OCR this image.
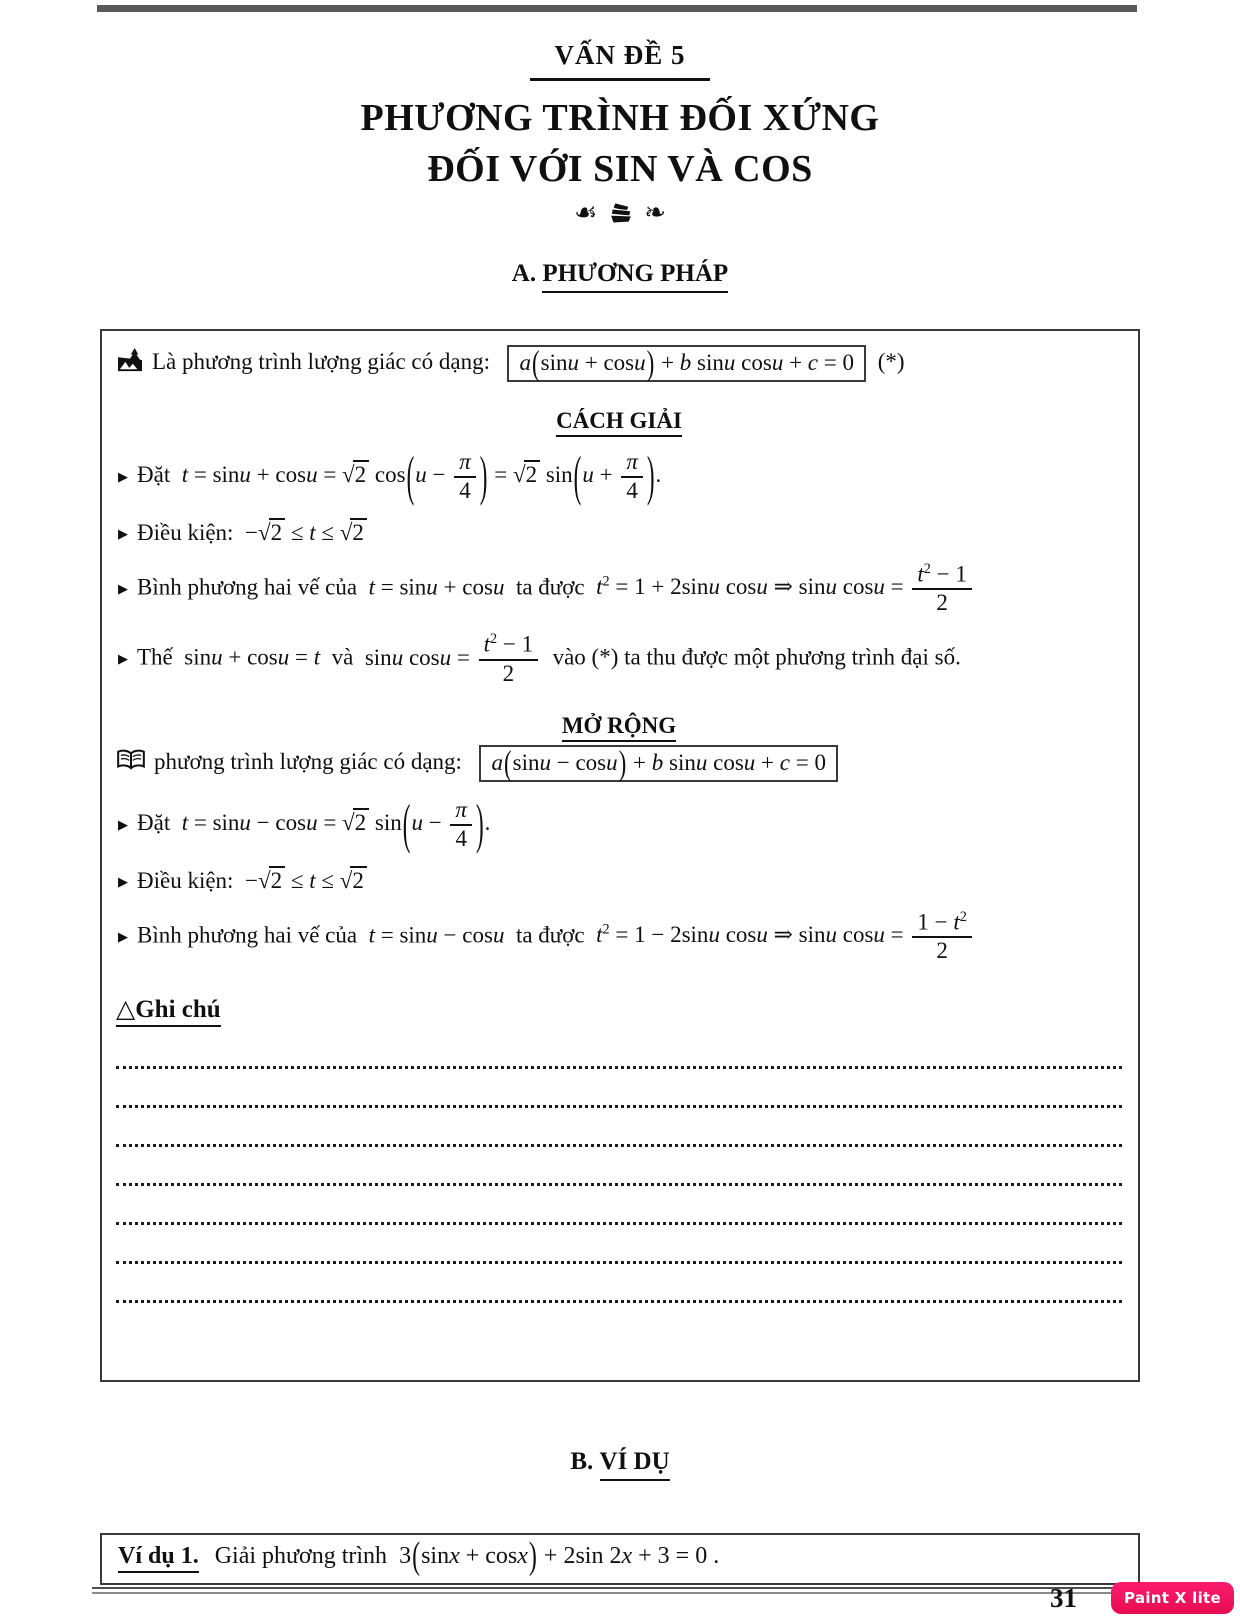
VẤN ĐỀ 5
PHƯƠNG TRÌNH ĐỐI XỨNG
ĐỐI VỚI SIN VÀ COS
☙ ❧
A. PHƯƠNG PHÁP
Là phương trình lượng giác có dạng:  a(sinu + cosu) + b sinu cosu + c = 0 (*)
CÁCH GIẢI
▶ Đặt  t = sinu + cosu = √2 $\cos(u - \frac{\pi}{4}$ ) = √2 $\sin(u + \frac{\pi}{4}$ ).
▶ Điều kiện:  −√2 ≤ t ≤ √2
▶ Bình phương hai vế của  t = sinu + cosu  ta được  $t^2 = 1 + 2\sin u$ cosu ⇒ sinu $\cos u = \frac{t^2 - 1}{2}$
▶ Thế  sinu + cosu = t  và  sinu $\cos u = \frac{t^2 - 1}{2}$ vào (*) ta thu được một phương trình đại số.
MỞ RỘNG
phương trình lượng giác có dạng:  a(sinu − cosu) + b sinu cosu + c = 0
▶ Đặt  t = sinu − cosu = √2 $\sin(u - \frac{\pi}{4}$ ).
▶ Điều kiện:  −√2 ≤ t ≤ √2
▶ Bình phương hai vế của  t = sinu − cosu  ta được  $t^2 = 1 - 2\sin u$ cosu ⇒ sinu $\cos u = \frac{1 - t^2}{2}$
△Ghi chú
B. VÍ DỤ
Ví dụ 1. Giải phương trình  3(sinx + cosx) + 2sin 2x + 3 = 0 .
31	Paint X lite
